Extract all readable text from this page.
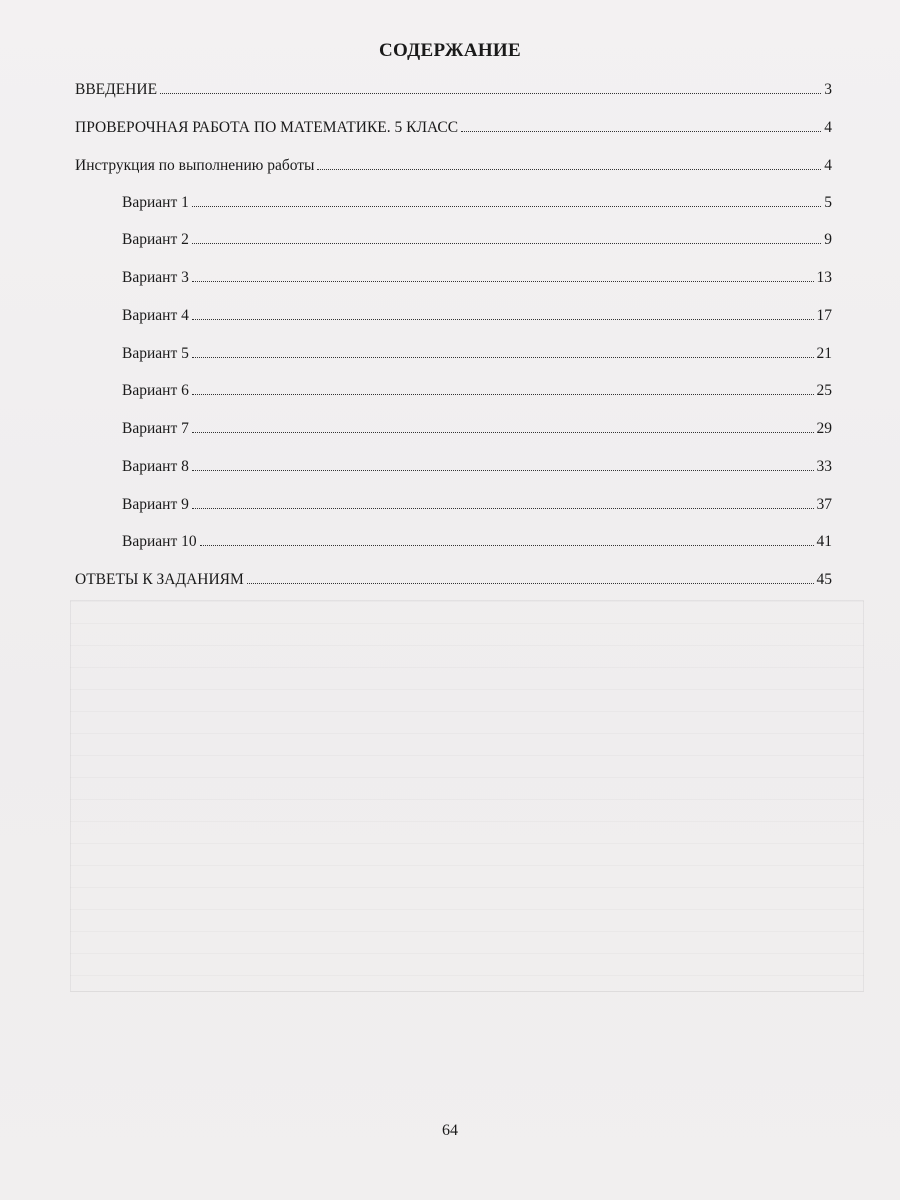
СОДЕРЖАНИЕ
ВВЕДЕНИЕ	3
ПРОВЕРОЧНАЯ РАБОТА ПО МАТЕМАТИКЕ. 5 КЛАСС	4
Инструкция по выполнению работы	4
Вариант 1	5
Вариант 2	9
Вариант 3	13
Вариант 4	17
Вариант 5	21
Вариант 6	25
Вариант 7	29
Вариант 8	33
Вариант 9	37
Вариант 10	41
ОТВЕТЫ К ЗАДАНИЯМ	45
64
